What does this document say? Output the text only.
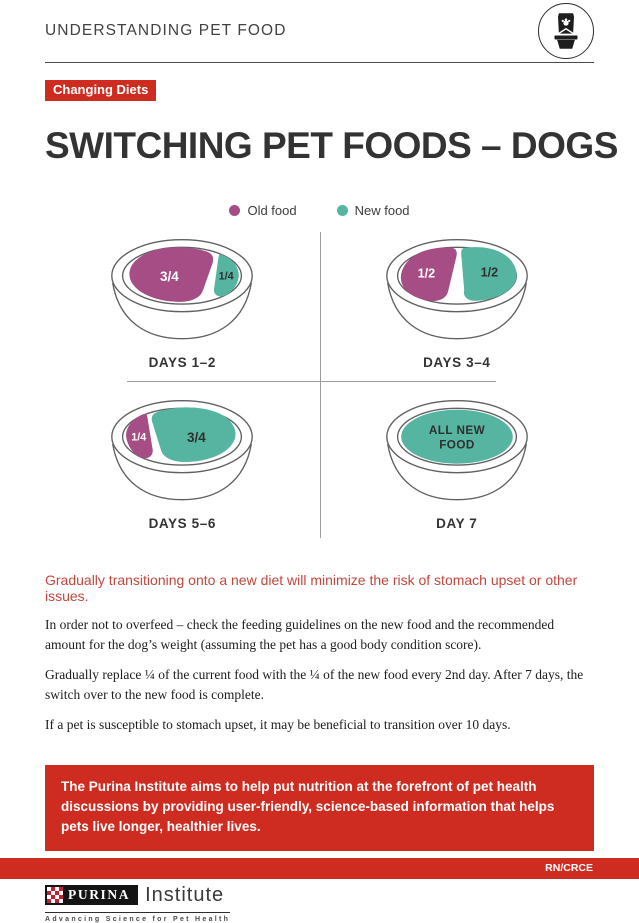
UNDERSTANDING PET FOOD
Changing Diets
SWITCHING PET FOODS – DOGS
Old food	New food
3/4	1/4
DAYS 1–2
1/2	1/2
DAYS 3–4
1/4	3/4
DAYS 5–6
ALL NEW
FOOD
DAY 7
Gradually transitioning onto a new diet will minimize the risk of stomach upset or other issues.

In order not to overfeed – check the feeding guidelines on the new food and the recommended amount for the dog’s weight (assuming the pet has a good body condition score).

Gradually replace ¼ of the current food with the ¼ of the new food every 2nd day. After 7 days, the switch over to the new food is complete.

If a pet is susceptible to stomach upset, it may be beneficial to transition over 10 days.

The Purina Institute aims to help put nutrition at the forefront of pet health discussions by providing user-friendly, science-based information that helps pets live longer, healthier lives.
PURINA Institute
Advancing Science for Pet Health
RN/CRCE
